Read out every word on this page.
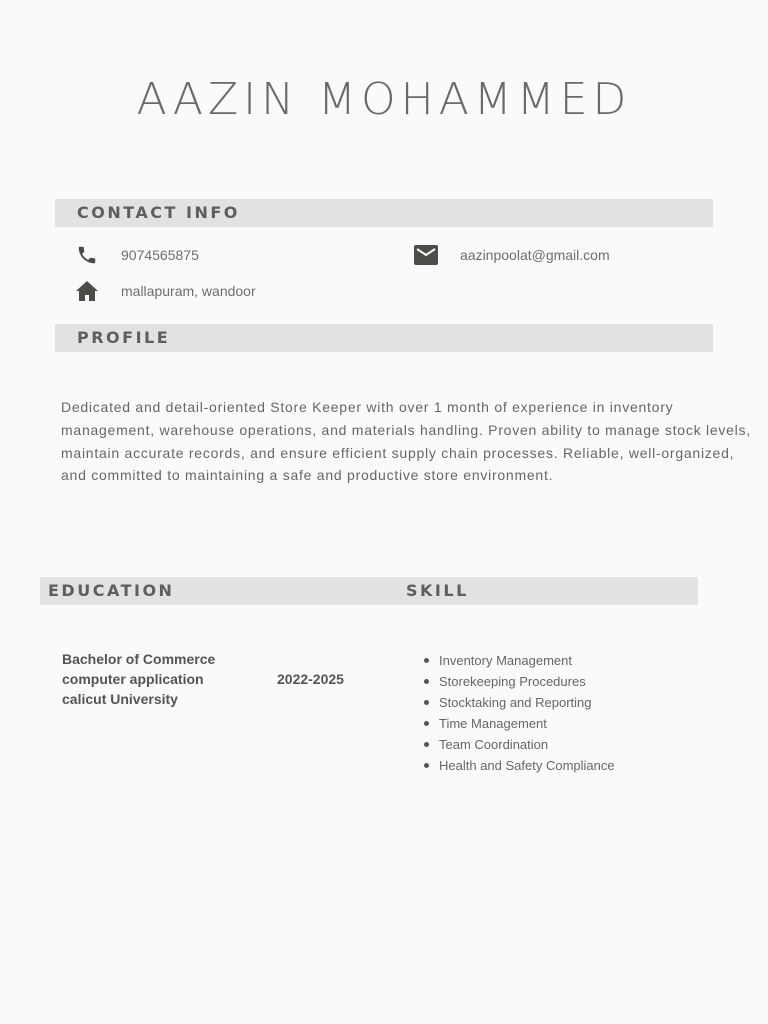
AAZIN MOHAMMED
CONTACT INFO
9074565875	aazinpoolat@gmail.com
mallapuram, wandoor
PROFILE
Dedicated and detail-oriented Store Keeper with over 1 month of experience in inventory management, warehouse operations, and materials handling. Proven ability to manage stock levels, maintain accurate records, and ensure efficient supply chain processes. Reliable, well-organized, and committed to maintaining a safe and productive store environment.
EDUCATION	SKILL
Bachelor of Commerce
computer application
calicut University
2022-2025
Inventory Management
Storekeeping Procedures
Stocktaking and Reporting
Time Management
Team Coordination
Health and Safety Compliance
